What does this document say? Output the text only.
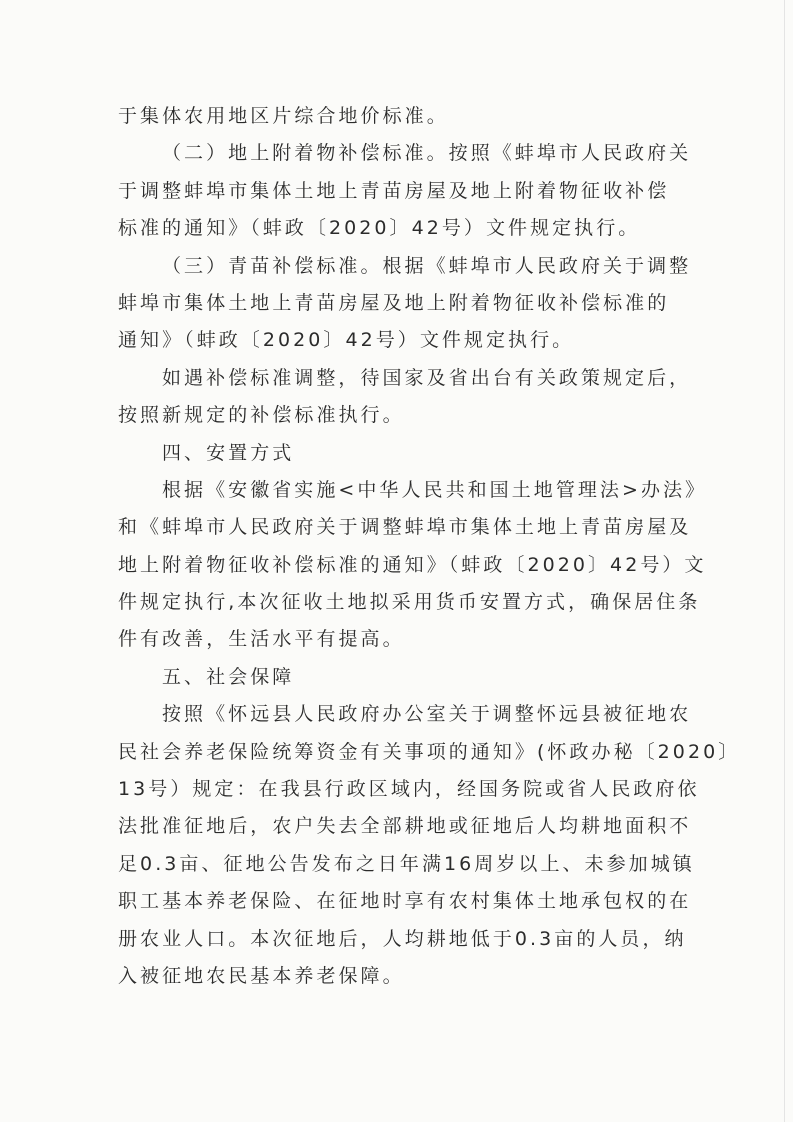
于集体农用地区片综合地价标准。
（二）地上附着物补偿标准。按照《蚌埠市人民政府关
于调整蚌埠市集体土地上青苗房屋及地上附着物征收补偿
标准的通知》（蚌政〔2020〕42号）文件规定执行。
（三）青苗补偿标准。根据《蚌埠市人民政府关于调整
蚌埠市集体土地上青苗房屋及地上附着物征收补偿标准的
通知》（蚌政〔2020〕42号）文件规定执行。
如遇补偿标准调整，待国家及省出台有关政策规定后，
按照新规定的补偿标准执行。
四、安置方式
根据《安徽省实施<中华人民共和国土地管理法>办法》
和《蚌埠市人民政府关于调整蚌埠市集体土地上青苗房屋及
地上附着物征收补偿标准的通知》（蚌政〔2020〕42号）文
件规定执行,本次征收土地拟采用货币安置方式，确保居住条
件有改善，生活水平有提高。
五、社会保障
按照《怀远县人民政府办公室关于调整怀远县被征地农
民社会养老保险统筹资金有关事项的通知》(怀政办秘〔2020〕
13号）规定：在我县行政区域内，经国务院或省人民政府依
法批准征地后，农户失去全部耕地或征地后人均耕地面积不
足0.3亩、征地公告发布之日年满16周岁以上、未参加城镇
职工基本养老保险、在征地时享有农村集体土地承包权的在
册农业人口。本次征地后，人均耕地低于0.3亩的人员，纳
入被征地农民基本养老保障。
